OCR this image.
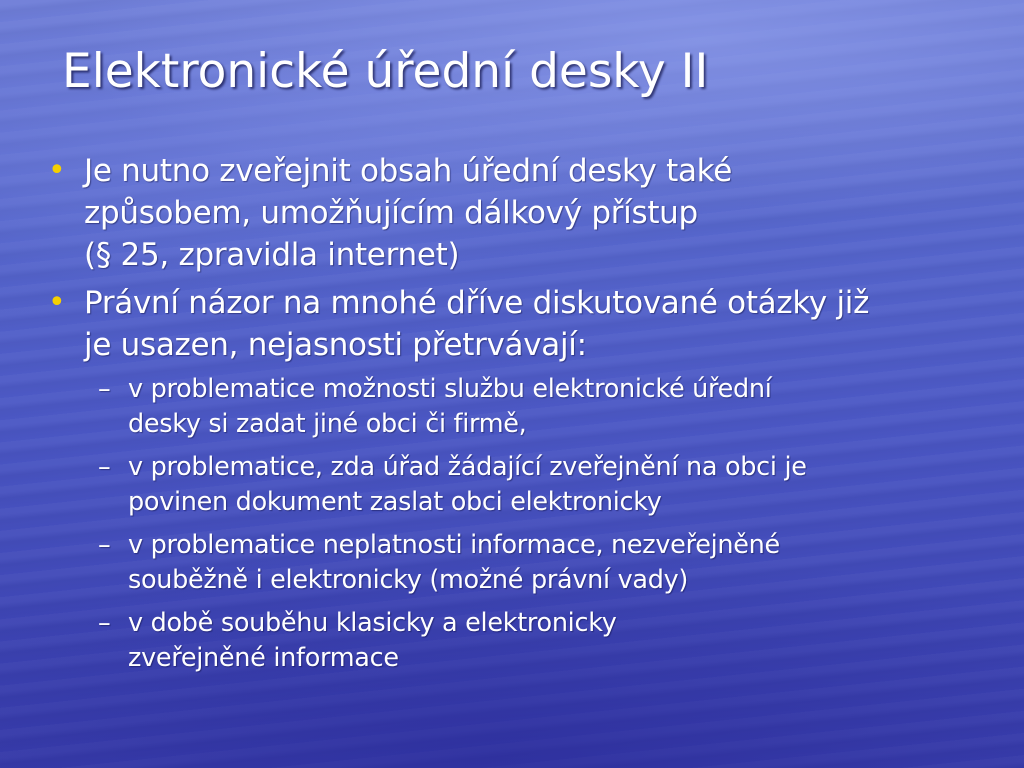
Elektronické úřední desky II
• Je nutno zveřejnit obsah úřední desky také
způsobem, umožňujícím dálkový přístup
(§ 25, zpravidla internet)
• Právní názor na mnohé dříve diskutované otázky již
je usazen, nejasnosti přetrvávají:
– v problematice možnosti službu elektronické úřední
desky si zadat jiné obci či firmě,
– v problematice, zda úřad žádající zveřejnění na obci je
povinen dokument zaslat obci elektronicky
– v problematice neplatnosti informace, nezveřejněné
souběžně i elektronicky (možné právní vady)
– v době souběhu klasicky a elektronicky
zveřejněné informace
